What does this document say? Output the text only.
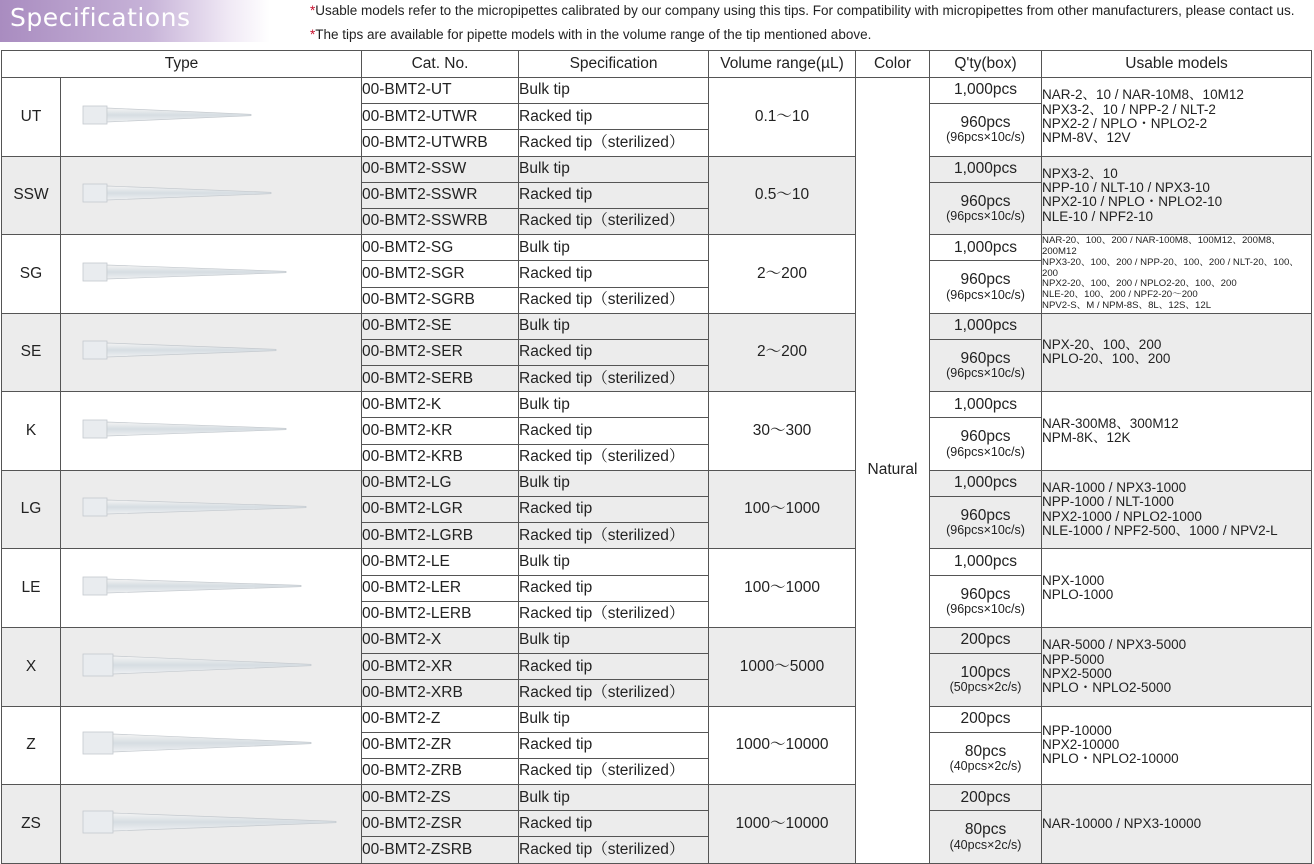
Specifications	*Usable models refer to the micropipettes calibrated by our company using this tips. For compatibility with micropipettes from other manufacturers, please contact us.
*The tips are available for pipette models with in the volume range of the tip mentioned above.
Type		Cat. No.	Specification	Volume range(µL)	Color	Q'ty(box)	Usable models
UT		00-BMT2-UT	Bulk tip	0.1～10	Natural	1,000pcs	NAR-2、10 / NAR-10M8、10M12
NPX3-2、10 / NPP-2 / NLT-2
NPX2-2 / NPLO・NPLO2-2
NPM-8V、12V

		00-BMT2-UTWR	Racked tip			960pcs
(96pcs×10c/s)	

		00-BMT2-UTWRB	Racked tip（sterilized）				
SSW		00-BMT2-SSW	Bulk tip	0.5～10		1,000pcs	NPX3-2、10
NPP-10 / NLT-10 / NPX3-10
NPX2-10 / NPLO・NPLO2-10
NLE-10 / NPF2-10

		00-BMT2-SSWR	Racked tip			960pcs
(96pcs×10c/s)	

		00-BMT2-SSWRB	Racked tip（sterilized）				
SG		00-BMT2-SG	Bulk tip	2～200		1,000pcs	NAR-20、100、200 / NAR-100M8、100M12、200M8、200M12
NPX3-20、100、200 / NPP-20、100、200 / NLT-20、100、200
NPX2-20、100、200 / NPLO2-20、100、200
NLE-20、100、200 / NPF2-20～200
NPV2-S、M / NPM-8S、8L、12S、12L

		00-BMT2-SGR	Racked tip			960pcs
(96pcs×10c/s)	

		00-BMT2-SGRB	Racked tip（sterilized）				
SE		00-BMT2-SE	Bulk tip	2～200		1,000pcs	NPX-20、100、200
NPLO-20、100、200

		00-BMT2-SER	Racked tip			960pcs
(96pcs×10c/s)	

		00-BMT2-SERB	Racked tip（sterilized）				
K		00-BMT2-K	Bulk tip	30～300		1,000pcs	NAR-300M8、300M12
NPM-8K、12K

		00-BMT2-KR	Racked tip			960pcs
(96pcs×10c/s)	

		00-BMT2-KRB	Racked tip（sterilized）				
LG		00-BMT2-LG	Bulk tip	100～1000		1,000pcs	NAR-1000 / NPX3-1000
NPP-1000 / NLT-1000
NPX2-1000 / NPLO2-1000
NLE-1000 / NPF2-500、1000 / NPV2-L

		00-BMT2-LGR	Racked tip			960pcs
(96pcs×10c/s)	

		00-BMT2-LGRB	Racked tip（sterilized）				
LE		00-BMT2-LE	Bulk tip	100～1000		1,000pcs	NPX-1000
NPLO-1000

		00-BMT2-LER	Racked tip			960pcs
(96pcs×10c/s)	

		00-BMT2-LERB	Racked tip（sterilized）				
X		00-BMT2-X	Bulk tip	1000～5000		200pcs	NAR-5000 / NPX3-5000
NPP-5000
NPX2-5000
NPLO・NPLO2-5000

		00-BMT2-XR	Racked tip			100pcs
(50pcs×2c/s)	

		00-BMT2-XRB	Racked tip（sterilized）				
Z		00-BMT2-Z	Bulk tip	1000～10000		200pcs	NPP-10000
NPX2-10000
NPLO・NPLO2-10000

		00-BMT2-ZR	Racked tip			80pcs
(40pcs×2c/s)	

		00-BMT2-ZRB	Racked tip（sterilized）				
ZS		00-BMT2-ZS	Bulk tip	1000～10000		200pcs	NAR-10000 / NPX3-10000

		00-BMT2-ZSR	Racked tip			80pcs
(40pcs×2c/s)	

		00-BMT2-ZSRB	Racked tip（sterilized）				
